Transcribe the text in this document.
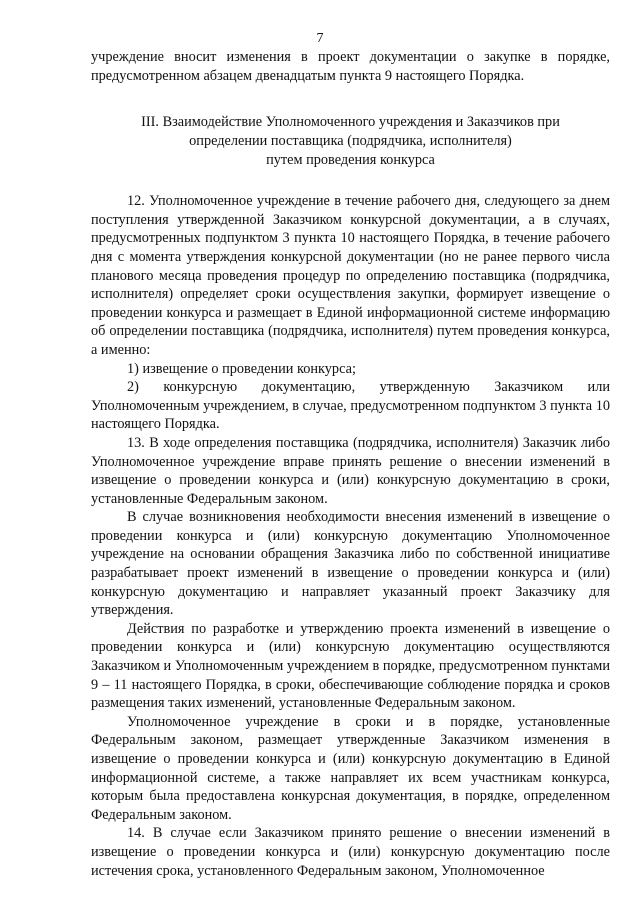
7

учреждение вносит изменения в проект документации о закупке в порядке, предусмотренном абзацем двенадцатым пункта 9 настоящего Порядка.

III. Взаимодействие Уполномоченного учреждения и Заказчиков при
определении поставщика (подрядчика, исполнителя)
путем проведения конкурса

12. Уполномоченное учреждение в течение рабочего дня, следующего за днем поступления утвержденной Заказчиком конкурсной документации, а в случаях, предусмотренных подпунктом 3 пункта 10 настоящего Порядка, в течение рабочего дня с момента утверждения конкурсной документации (но не ранее первого числа планового месяца проведения процедур по определению поставщика (подрядчика, исполнителя) определяет сроки осуществления закупки, формирует извещение о проведении конкурса и размещает в Единой информационной системе информацию об определении поставщика (подрядчика, исполнителя) путем проведения конкурса, а именно:

1) извещение о проведении конкурса;

2) конкурсную документацию, утвержденную Заказчиком или Уполномоченным учреждением, в случае, предусмотренном подпунктом 3 пункта 10 настоящего Порядка.

13. В ходе определения поставщика (подрядчика, исполнителя) Заказчик либо Уполномоченное учреждение вправе принять решение о внесении изменений в извещение о проведении конкурса и (или) конкурсную документацию в сроки, установленные Федеральным законом.

В случае возникновения необходимости внесения изменений в извещение о проведении конкурса и (или) конкурсную документацию Уполномоченное учреждение на основании обращения Заказчика либо по собственной инициативе разрабатывает проект изменений в извещение о проведении конкурса и (или) конкурсную документацию и направляет указанный проект Заказчику для утверждения.

Действия по разработке и утверждению проекта изменений в извещение о проведении конкурса и (или) конкурсную документацию осуществляются Заказчиком и Уполномоченным учреждением в порядке, предусмотренном пунктами 9 – 11 настоящего Порядка, в сроки, обеспечивающие соблюдение порядка и сроков размещения таких изменений, установленные Федеральным законом.

Уполномоченное учреждение в сроки и в порядке, установленные Федеральным законом, размещает утвержденные Заказчиком изменения в извещение о проведении конкурса и (или) конкурсную документацию в Единой информационной системе, а также направляет их всем участникам конкурса, которым была предоставлена конкурсная документация, в порядке, определенном Федеральным законом.

14. В случае если Заказчиком принято решение о внесении изменений в извещение о проведении конкурса и (или) конкурсную документацию после истечения срока, установленного Федеральным законом, Уполномоченное
